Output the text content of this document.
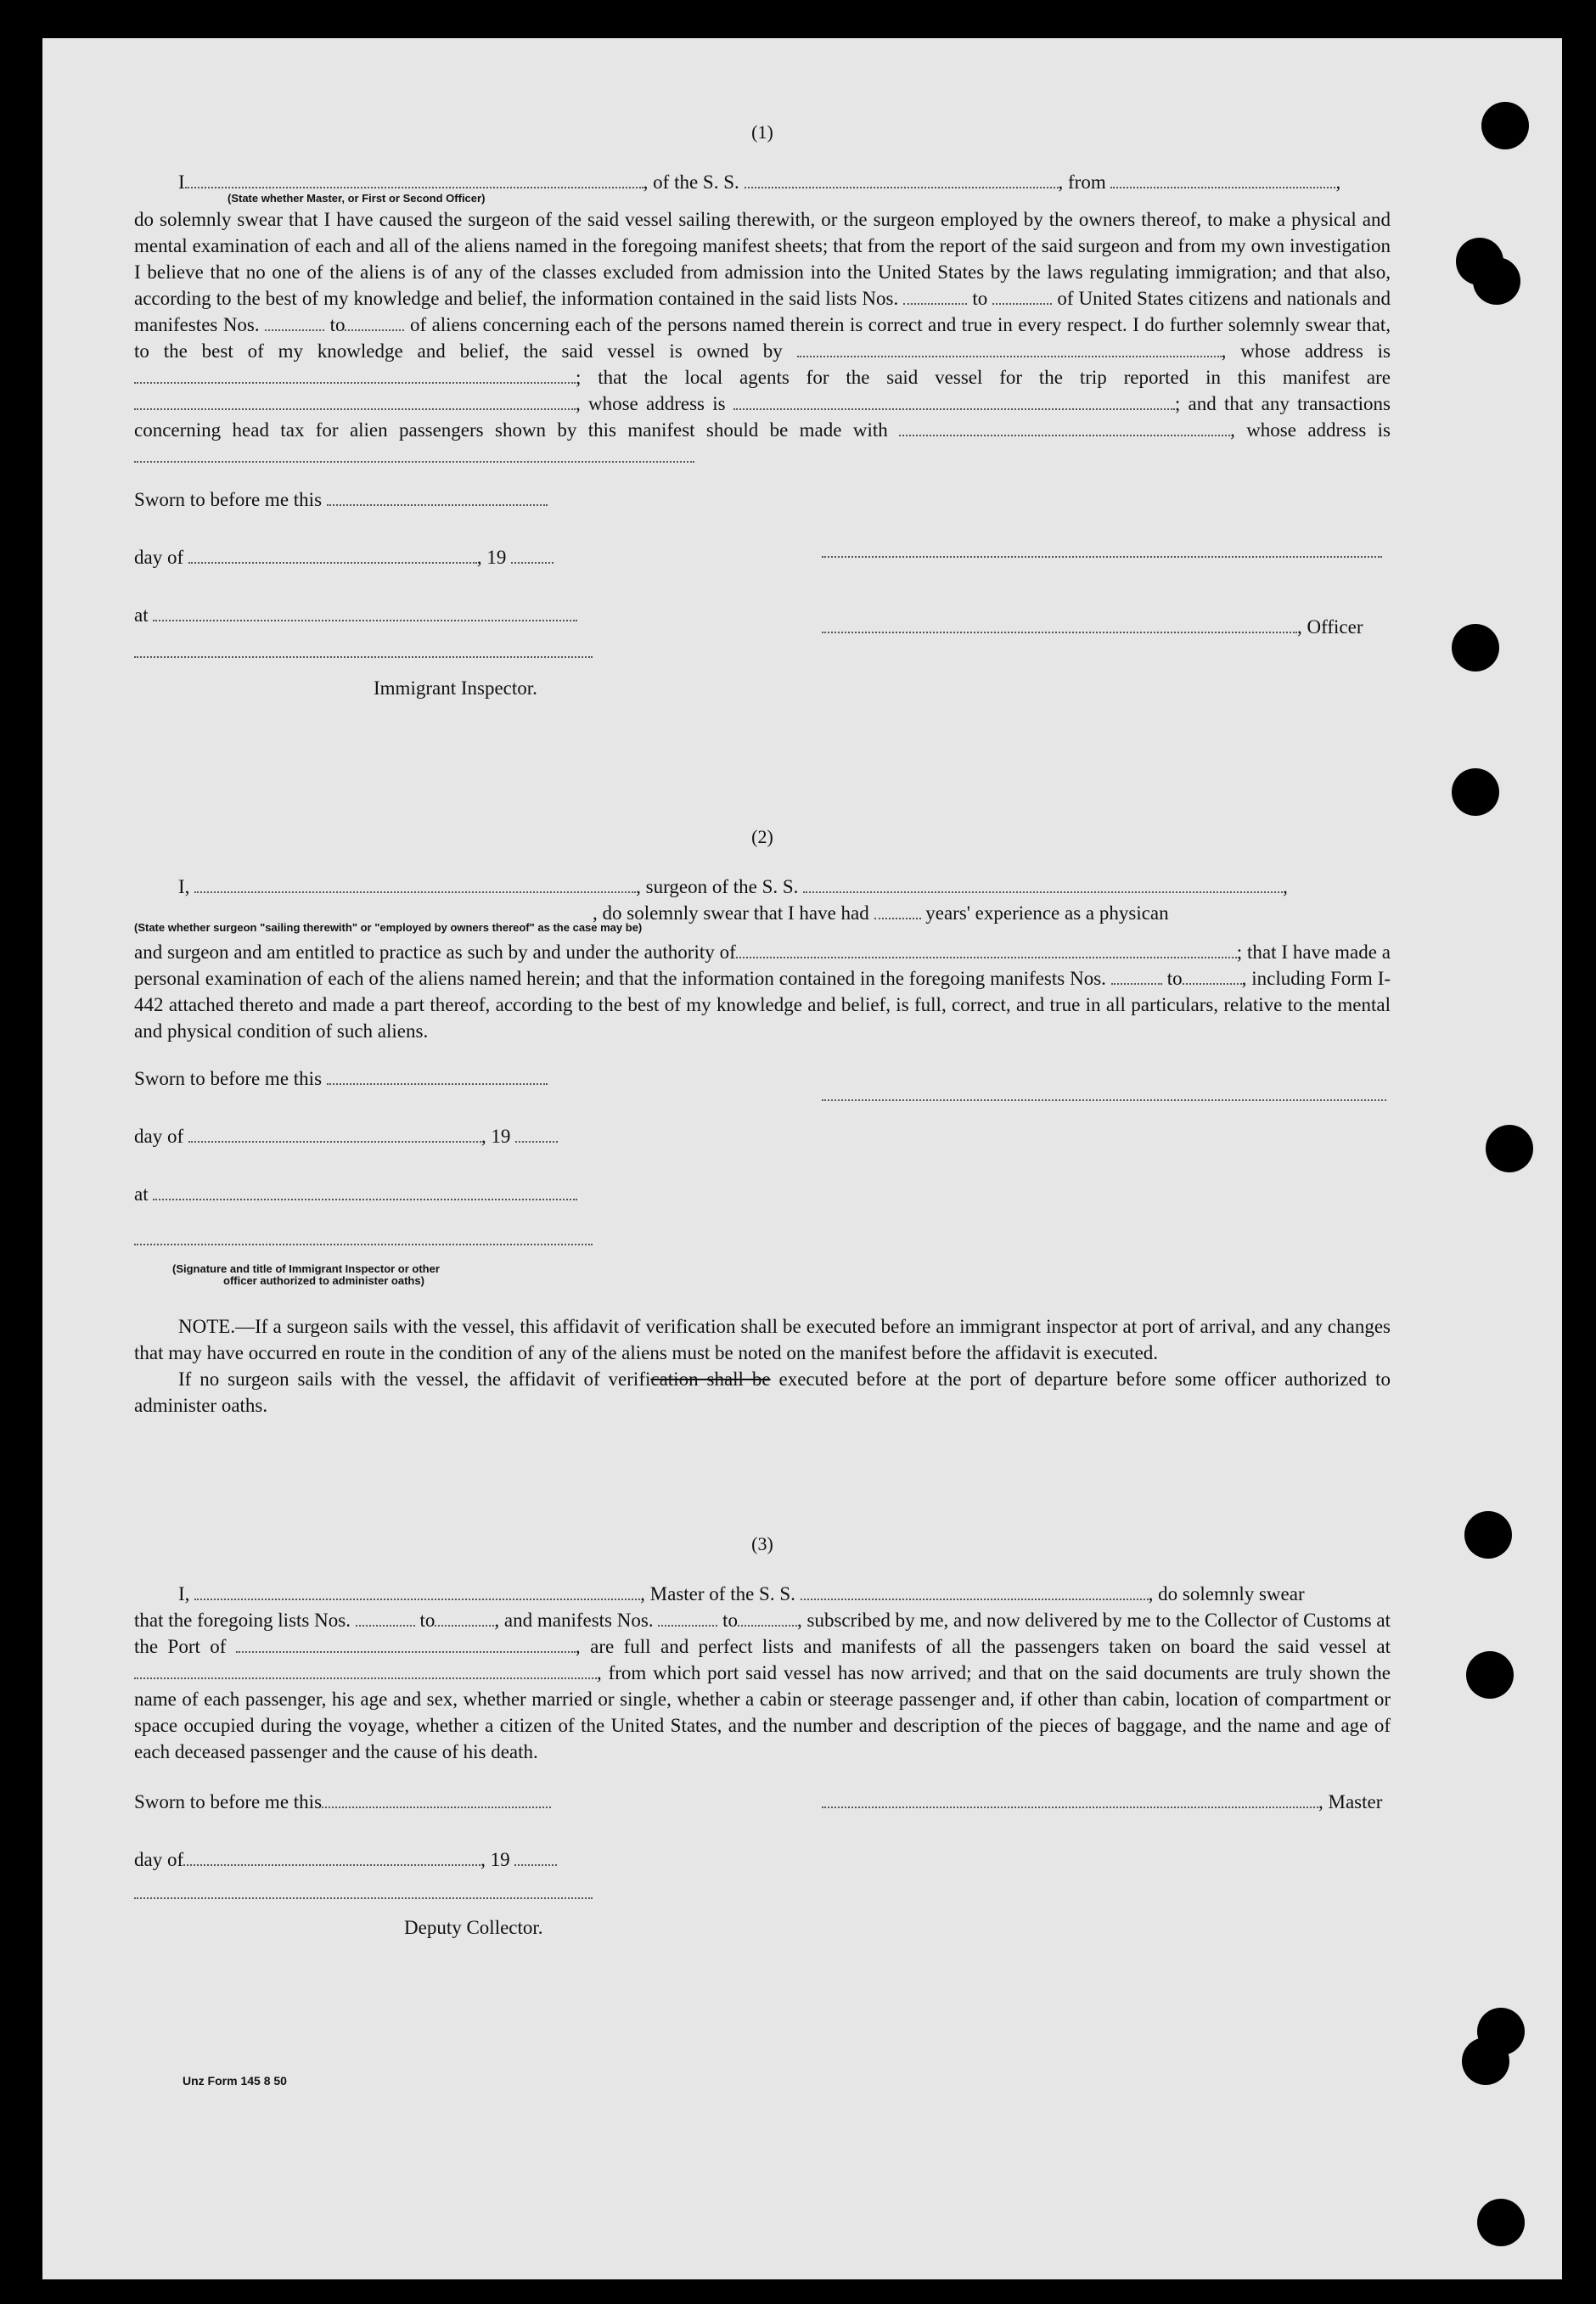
(1)
I	, of the S. S.	, from	,
(State whether Master, or First or Second Officer)
do solemnly swear that I have caused the surgeon of the said vessel sailing therewith, or the surgeon employed by the owners thereof, to make a physical and mental examination of each and all of the aliens named in the foregoing manifest sheets; that from the report of the said surgeon and from my own investigation I believe that no one of the aliens is of any of the classes excluded from admission into the United States by the laws regulating immigration; and that also, according to the best of my knowledge and belief, the information contained in the said lists Nos.	to	of United States citizens and nationals and manifestes Nos.	to	of aliens concerning each of the persons named therein is correct and true in every respect. I do further solemnly swear that, to the best of my knowledge and belief, the said vessel is owned by	, whose address is ; that the local agents for the said vessel for the trip reported in this manifest are , whose address is	; and that any transactions concerning head tax for alien passengers shown by this manifest should be made with	, whose address is
Sworn to before me this
day of	, 19
at
Immigrant Inspector.
, Officer
(2)
I,	, surgeon of the S. S.	,
, do solemnly swear that I have had	years' experience as a physican
(State whether surgeon "sailing therewith" or "employed by owners thereof" as the case may be)
and surgeon and am entitled to practice as such by and under the authority of	; that I have made a personal examination of each of the aliens named herein; and that the information contained in the foregoing manifests Nos.	to	, including Form I-442 attached thereto and made a part thereof, according to the best of my knowledge and belief, is full, correct, and true in all particulars, relative to the mental and physical condition of such aliens.
Sworn to before me this
day of	, 19
at
(Signature and title of Immigrant Inspector or other
officer authorized to administer oaths)

NOTE.—If a surgeon sails with the vessel, this affidavit of verification shall be executed before an immigrant inspector at port of arrival, and any changes that may have occurred en route in the condition of any of the aliens must be noted on the manifest before the affidavit is executed.

If no surgeon sails with the vessel, the affidavit of verification shall be executed before at the port of departure before some officer authorized to administer oaths.

(3)
I,	, Master of the S. S.	, do solemnly swear
that the foregoing lists Nos.	to	, and manifests Nos.	to	, subscribed by me, and now delivered by me to the Collector of Customs at the Port of	, are full and perfect lists and manifests of all the passengers taken on board the said vessel at , from which port said vessel has now arrived; and that on the said documents are truly shown the name of each passenger, his age and sex, whether married or single, whether a cabin or steerage passenger and, if other than cabin, location of compartment or space occupied during the voyage, whether a citizen of the United States, and the number and description of the pieces of baggage, and the name and age of each deceased passenger and the cause of his death.
Sworn to before me this	, Master
day of	, 19
Deputy Collector.
Unz Form 145 8 50
